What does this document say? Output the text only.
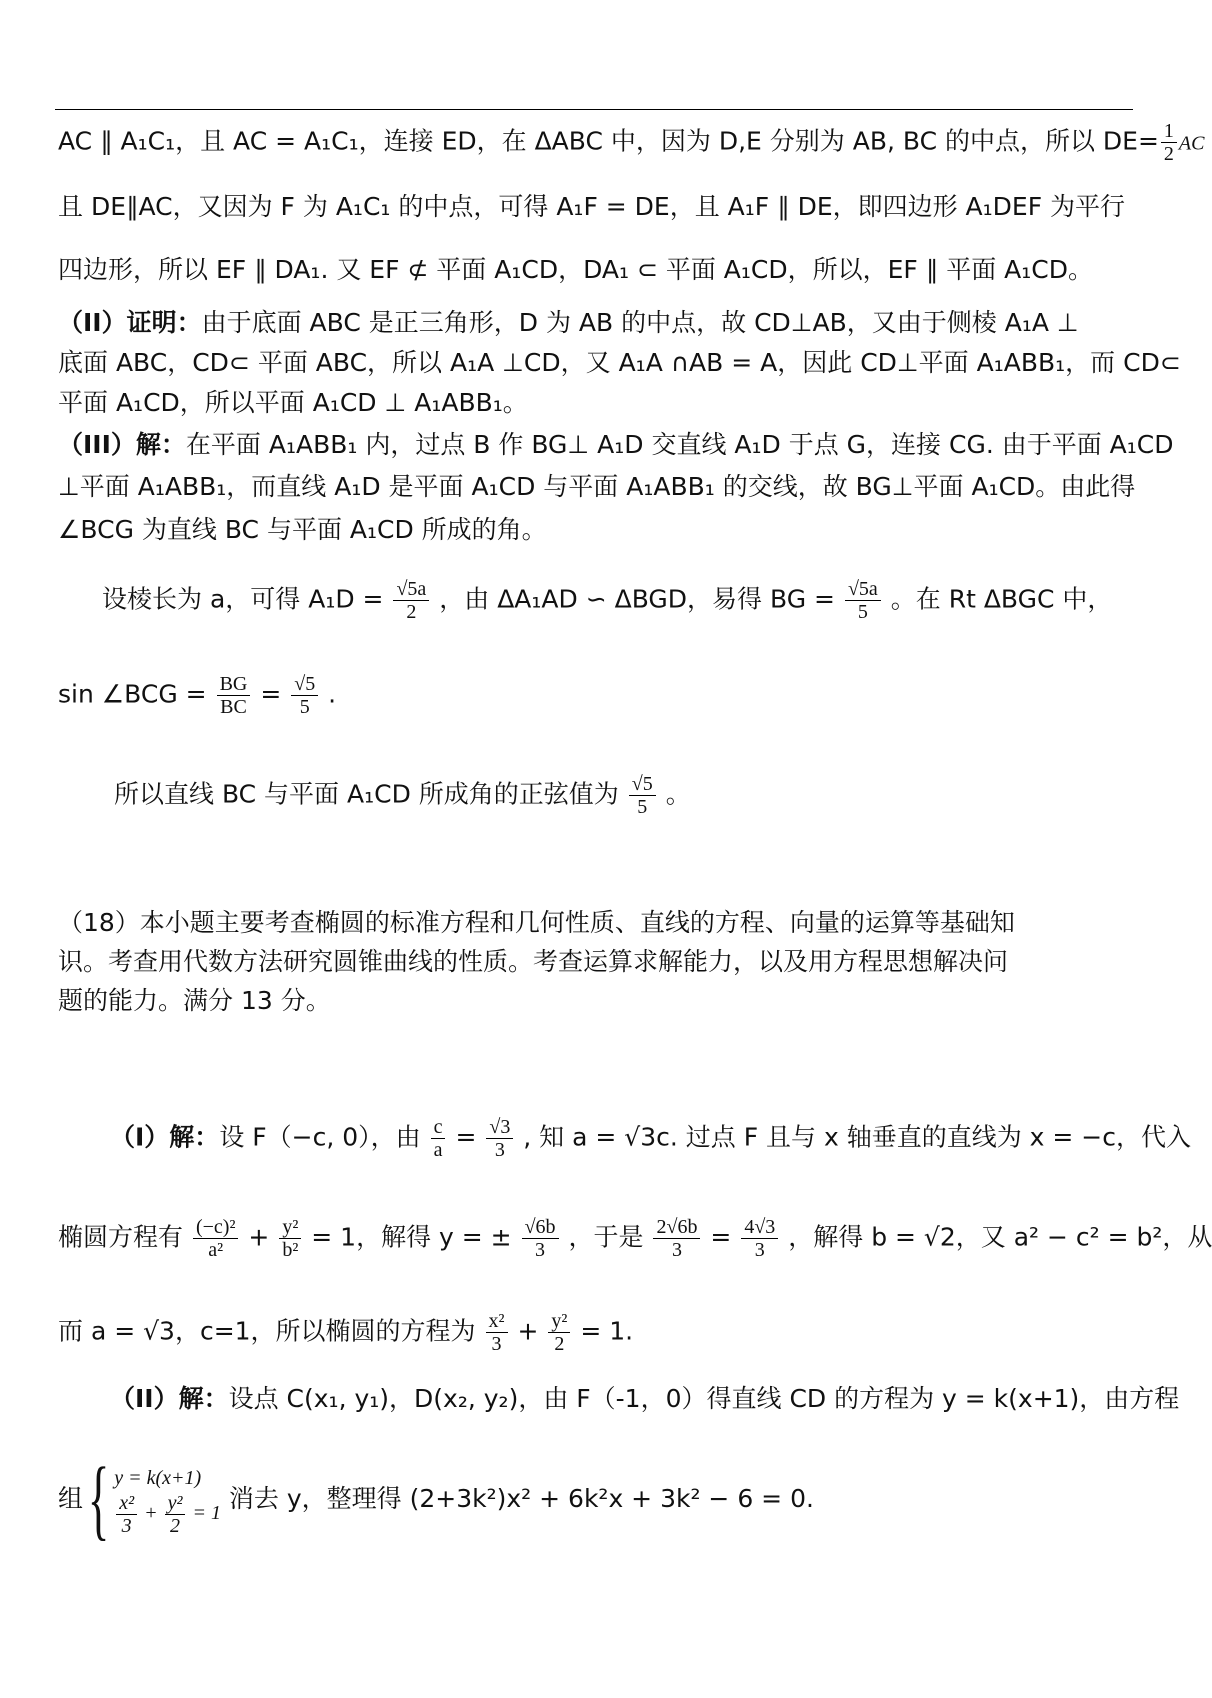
AC ∥ A₁C₁，且 AC = A₁C₁，连接 ED，在 ΔABC 中，因为 D,E 分别为 AB, BC 的中点，所以 $DE= \frac{1}{2}$ AC
且 DE∥AC，又因为 F 为 A₁C₁ 的中点，可得 A₁F = DE，且 A₁F ∥ DE，即四边形 A₁DEF 为平行
四边形，所以 EF ∥ DA₁. 又 EF ⊄ 平面 A₁CD，DA₁ ⊂ 平面 A₁CD，所以，EF ∥ 平面 A₁CD。
（II）证明：由于底面 ABC 是正三角形，D 为 AB 的中点，故 CD⊥AB，又由于侧棱 A₁A ⊥
底面 ABC，CD⊂ 平面 ABC，所以 A₁A ⊥CD，又 A₁A ∩AB = A，因此 CD⊥平面 A₁ABB₁，而 CD⊂
平面 A₁CD，所以平面 A₁CD ⊥ A₁ABB₁。
（III）解：在平面 A₁ABB₁ 内，过点 B 作 BG⊥ A₁D 交直线 A₁D 于点 G，连接 CG. 由于平面 A₁CD
⊥平面 A₁ABB₁，而直线 A₁D 是平面 A₁CD 与平面 A₁ABB₁ 的交线，故 BG⊥平面 A₁CD。由此得
∠BCG 为直线 BC 与平面 A₁CD 所成的角。
设棱长为 a，可得 $A_1D = \frac{√5a}{2}$ ，由 ΔA₁AD ∽ ΔBGD，易得 BG = $\frac{√5a}{5}$ 。在 Rt ΔBGC 中，
sin ∠BCG = $\frac{BG}{BC} = \frac{√5}{5}$ .
所以直线 BC 与平面 A₁CD 所成角的正弦值为 $\frac{√5}{5}$ 。
（18）本小题主要考查椭圆的标准方程和几何性质、直线的方程、向量的运算等基础知
识。考查用代数方法研究圆锥曲线的性质。考查运算求解能力，以及用方程思想解决问
题的能力。满分 13 分。
（I）解：设 F（−c, 0），由 $\frac{c}{a} = \frac{√3}{3}$ , 知 a = √3c. 过点 F 且与 x 轴垂直的直线为 x = −c，代入
椭圆方程有 $\frac{\text{(−c)²}}{\text{a²}} + \frac{\text{y²}}{\text{b²}} = 1$，解得 y = ± $\frac{√6b}{3}$ ，于是 $\frac{2√6b}{3} = \frac{4√3}{3}$ ，解得 b = √2，又 a² − c² = b²，从
而 a = √3，c=1，所以椭圆的方程为 $\frac{\text{x²}}{3} + \frac{\text{y²}}{2} = 1$.
（II）解：设点 C(x₁, y₁)，D(x₂, y₂)，由 F（-1，0）得直线 CD 的方程为 y = k(x+1)，由方程
组{ y = k(x+1)
$\frac{\text{x²}}{3} + \frac{\text{y²}}{2} = 1$ 消去 y，整理得 (2+3k²)x² + 6k²x + 3k² − 6 = 0.
